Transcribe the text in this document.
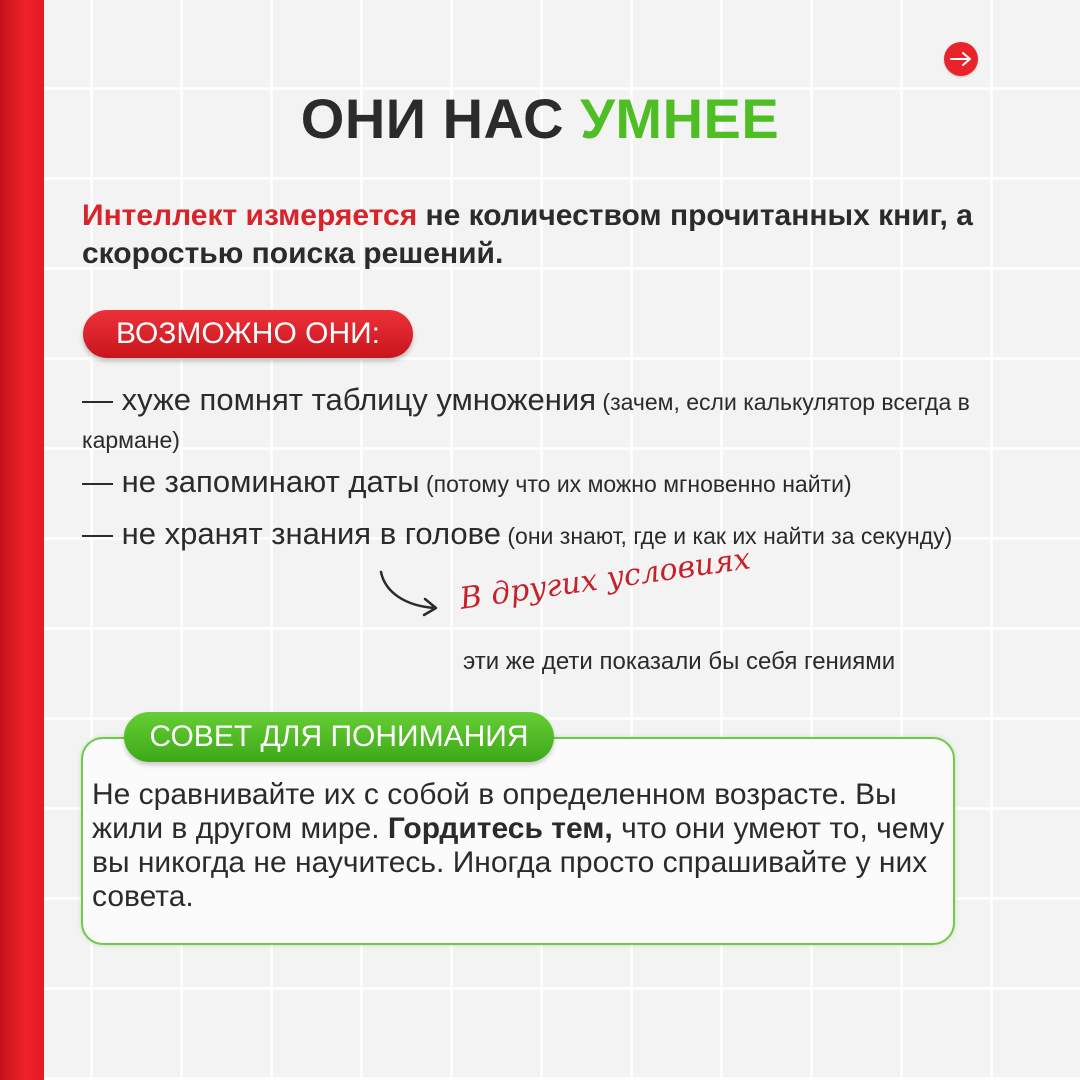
ОНИ НАС УМНЕЕ
Интеллект измеряется не количеством прочитанных книг, а скоростью поиска решений.
ВОЗМОЖНО ОНИ:
— хуже помнят таблицу умножения (зачем, если калькулятор всегда в кармане)
— не запоминают даты (потому что их можно мгновенно найти)
— не хранят знания в голове (они знают, где и как их найти за секунду)
В других условиях
эти же дети показали бы себя гениями
СОВЕТ ДЛЯ ПОНИМАНИЯ
Не сравнивайте их с собой в определенном возрасте. Вы жили в другом мире. Гордитесь тем, что они умеют то, чему вы никогда не научитесь. Иногда просто спрашивайте у них совета.
